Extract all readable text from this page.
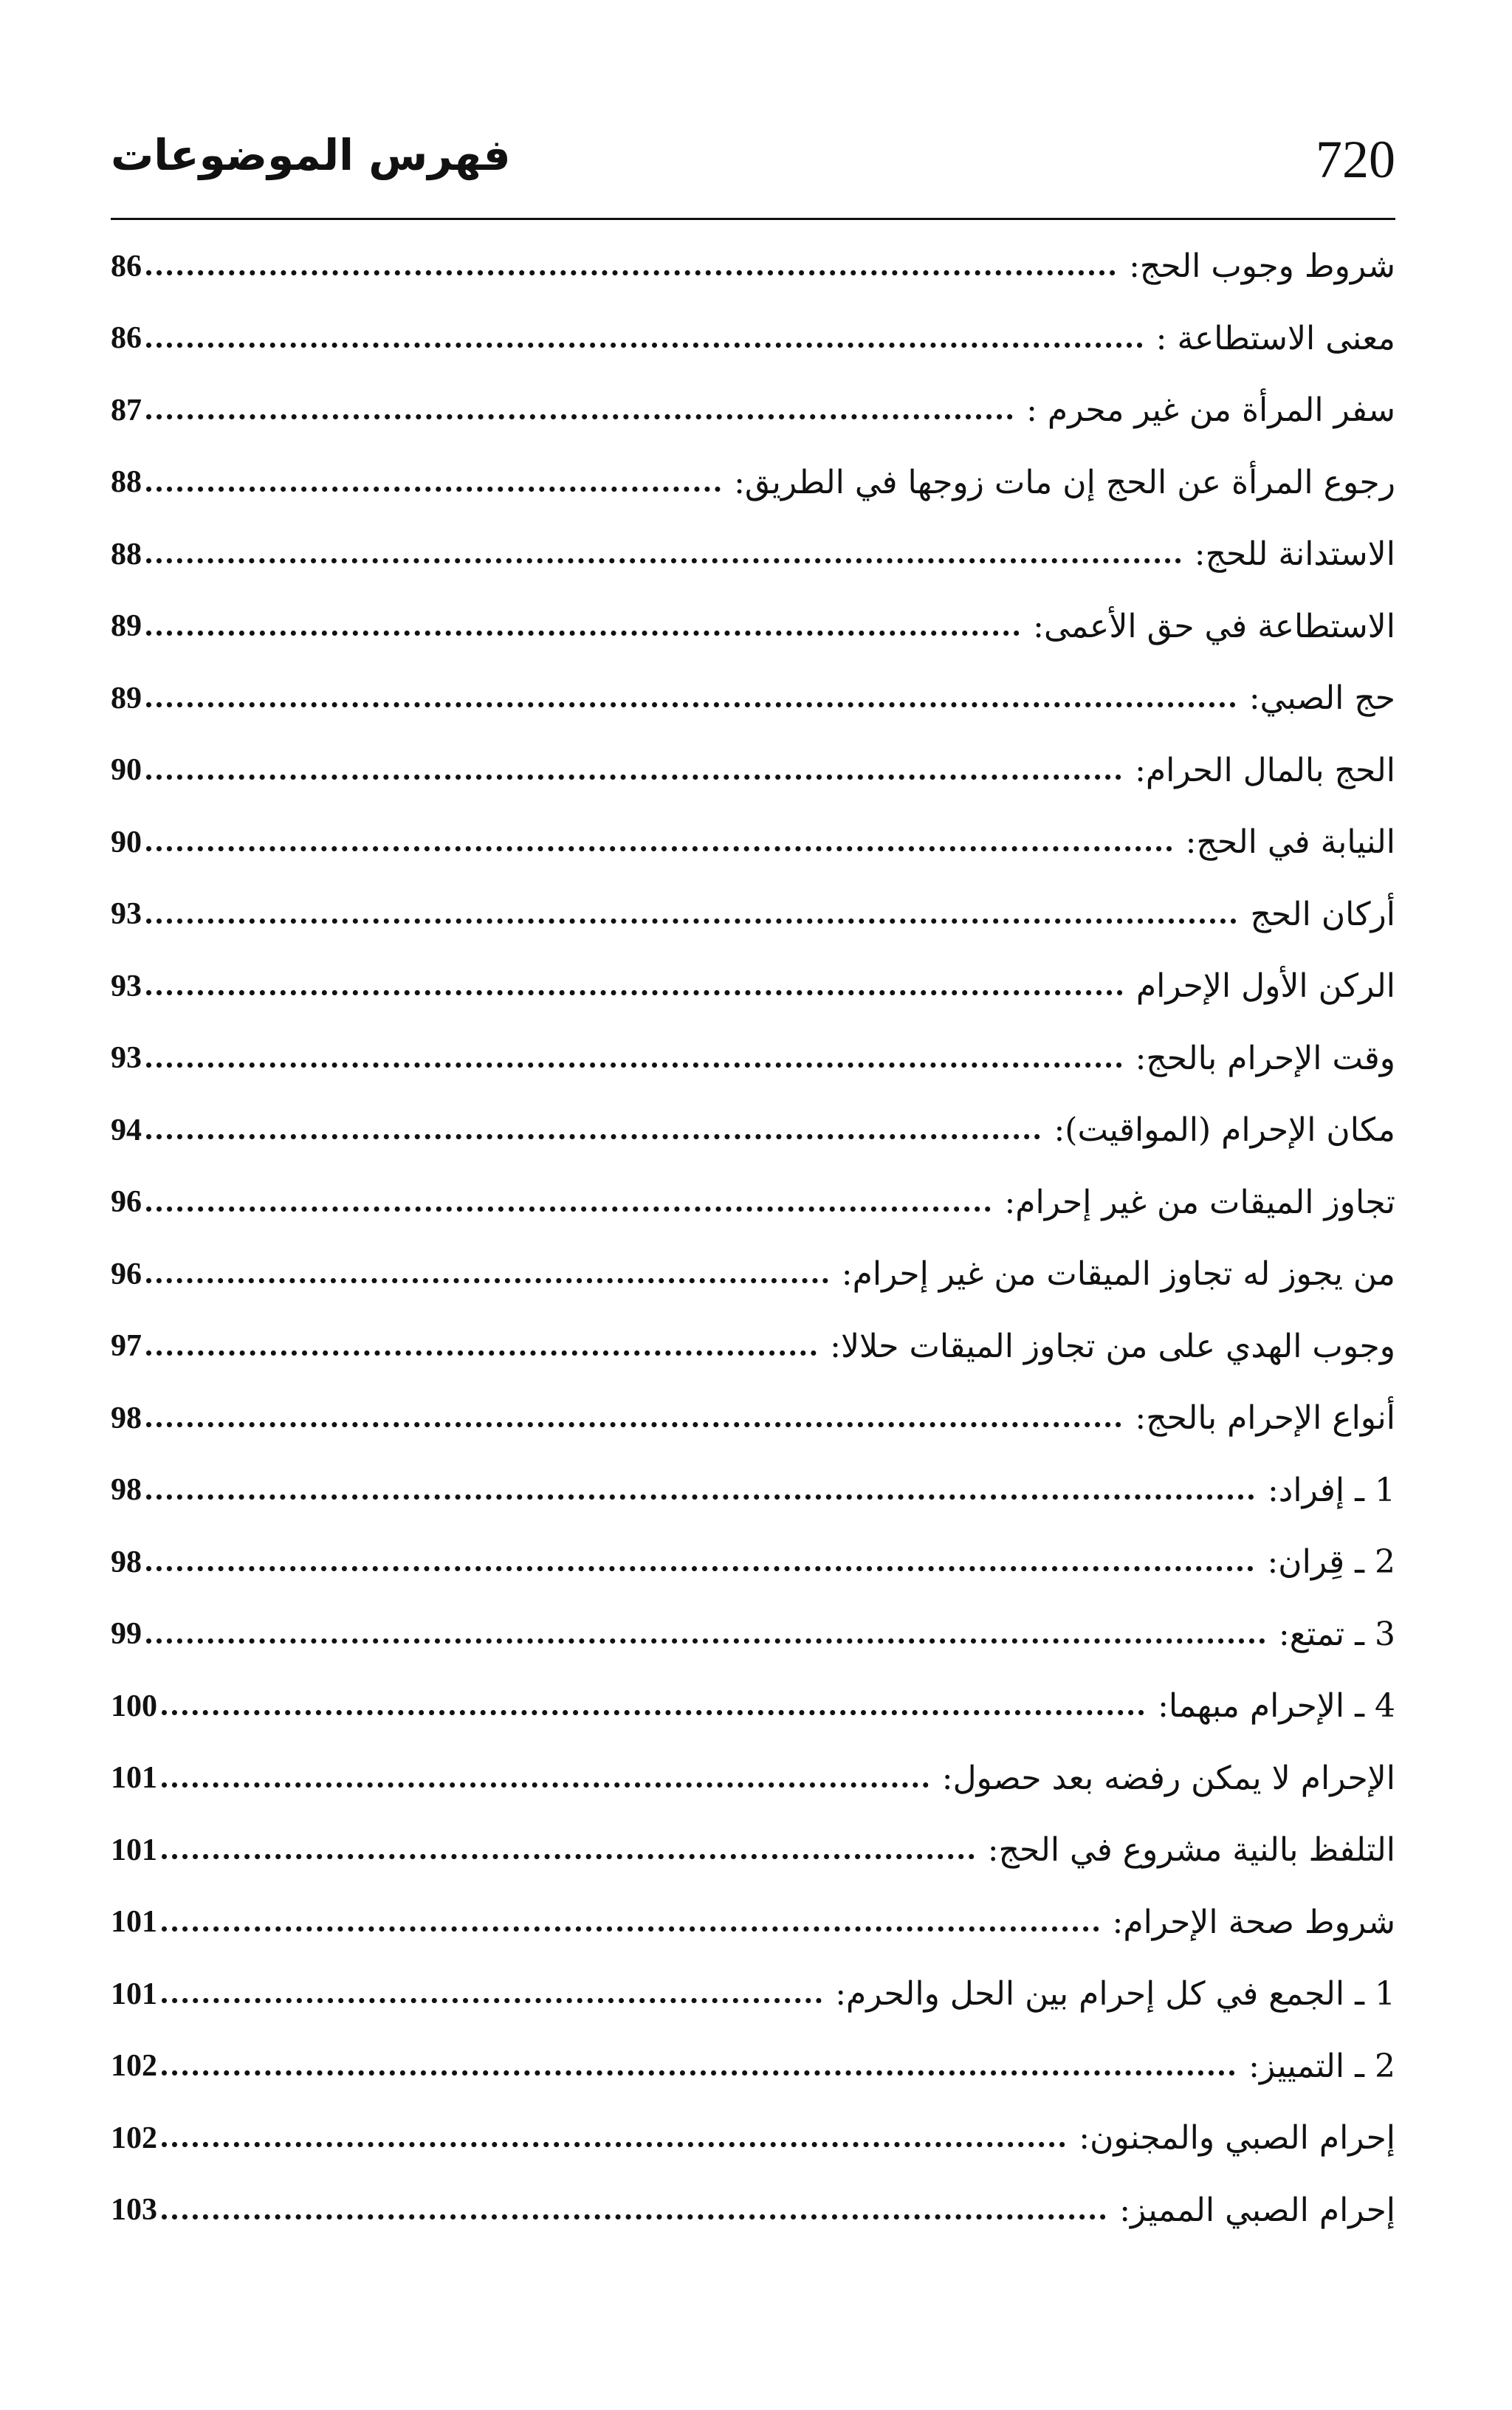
720
فهرس الموضوعات
شروط وجوب الحج:
86
معنى الاستطاعة :
86
سفر المرأة من غير محرم :
87
رجوع المرأة عن الحج إن مات زوجها في الطريق:
88
الاستدانة للحج:
88
الاستطاعة في حق الأعمى:
89
حج الصبي:
89
الحج بالمال الحرام:
90
النيابة في الحج:
90
أركان الحج
93
الركن الأول الإحرام
93
وقت الإحرام بالحج:
93
مكان الإحرام (المواقيت):
94
تجاوز الميقات من غير إحرام:
96
من يجوز له تجاوز الميقات من غير إحرام:
96
وجوب الهدي على من تجاوز الميقات حلالا:
97
أنواع الإحرام بالحج:
98
1 ـ إفراد:
98
2 ـ قِران:
98
3 ـ تمتع:
99
4 ـ الإحرام مبهما:
100
الإحرام لا يمكن رفضه بعد حصول:
101
التلفظ بالنية مشروع في الحج:
101
شروط صحة الإحرام:
101
1 ـ الجمع في كل إحرام بين الحل والحرم:
101
2 ـ التمييز:
102
إحرام الصبي والمجنون:
102
إحرام الصبي المميز:
103
